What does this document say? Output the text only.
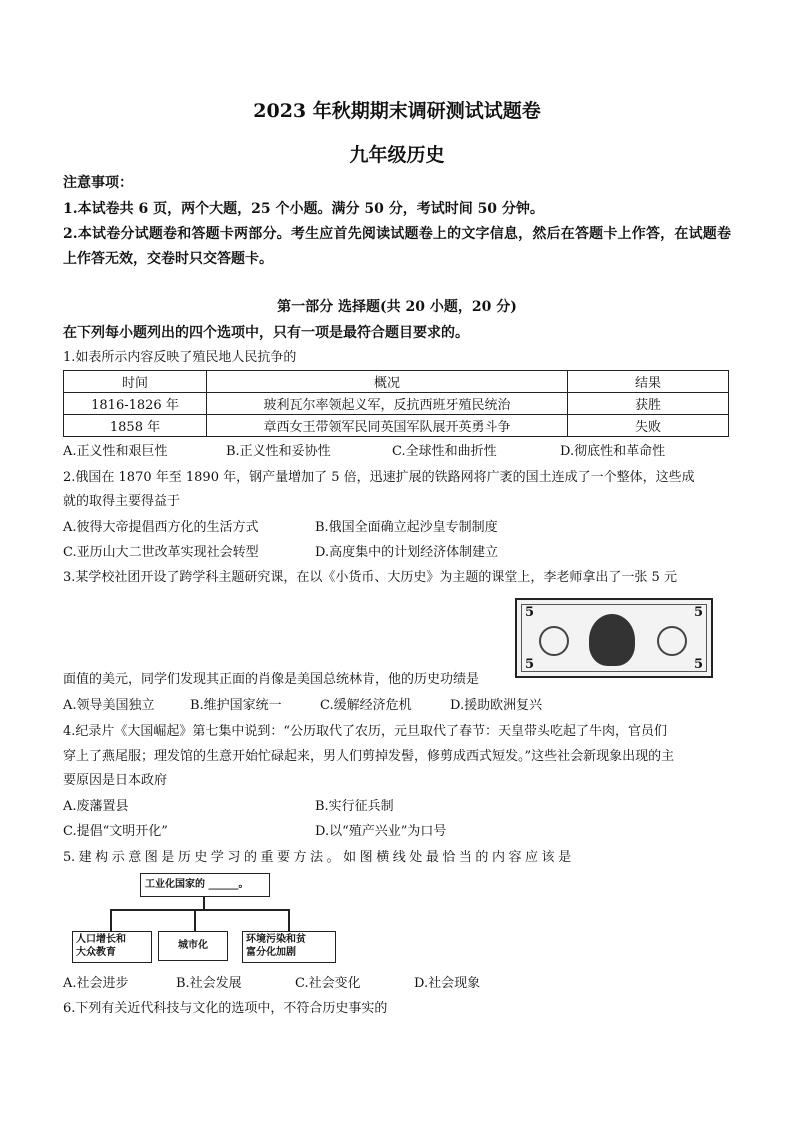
2023 年秋期期末调研测试试题卷
九年级历史
注意事项：
1.本试卷共 6 页，两个大题，25 个小题。满分 50 分，考试时间 50 分钟。
2.本试卷分试题卷和答题卡两部分。考生应首先阅读试题卷上的文字信息，然后在答题卡上作答，在试题卷上作答无效，交卷时只交答题卡。
第一部分 选择题(共 20 小题，20 分)
在下列每小题列出的四个选项中，只有一项是最符合题目要求的。
1.如表所示内容反映了殖民地人民抗争的
时间	概况	结果
1816-1826 年	玻利瓦尔率领起义军，反抗西班牙殖民统治	获胜
1858 年	章西女王带领军民同英国军队展开英勇斗争	失败
A.正义性和艰巨性	B.正义性和妥协性	C.全球性和曲折性	D.彻底性和革命性
2.俄国在 1870 年至 1890 年，钢产量增加了 5 倍，迅速扩展的铁路网将广袤的国土连成了一个整体，这些成
就的取得主要得益于
A.彼得大帝提倡西方化的生活方式	B.俄国全面确立起沙皇专制制度
C.亚历山大二世改革实现社会转型	D.高度集中的计划经济体制建立
3.某学校社团开设了跨学科主题研究课，在以《小货币、大历史》为主题的课堂上，李老师拿出了一张 5 元
5	5
5	5
面值的美元，同学们发现其正面的肖像是美国总统林肯，他的历史功绩是
A.领导美国独立	B.维护国家统一	C.缓解经济危机	D.援助欧洲复兴
4.纪录片《大国崛起》第七集中说到：“公历取代了农历，元旦取代了春节：天皇带头吃起了牛肉，官员们
穿上了燕尾服；理发馆的生意开始忙碌起来，男人们剪掉发髻，修剪成西式短发。”这些社会新现象出现的主
要原因是日本政府
A.废藩置县	B.实行征兵制
C.提倡“文明开化”	D.以“殖产兴业”为口号
5. 建 构 示 意 图 是 历 史 学 习 的 重 要 方 法 。 如 图 横 线 处 最 恰 当 的 内 容 应 该 是
工业化国家的 ______。
人口增长和
大众教育
城市化
环境污染和贫
富分化加剧
A.社会进步	B.社会发展	C.社会变化	D.社会现象
6.下列有关近代科技与文化的选项中，不符合历史事实的
